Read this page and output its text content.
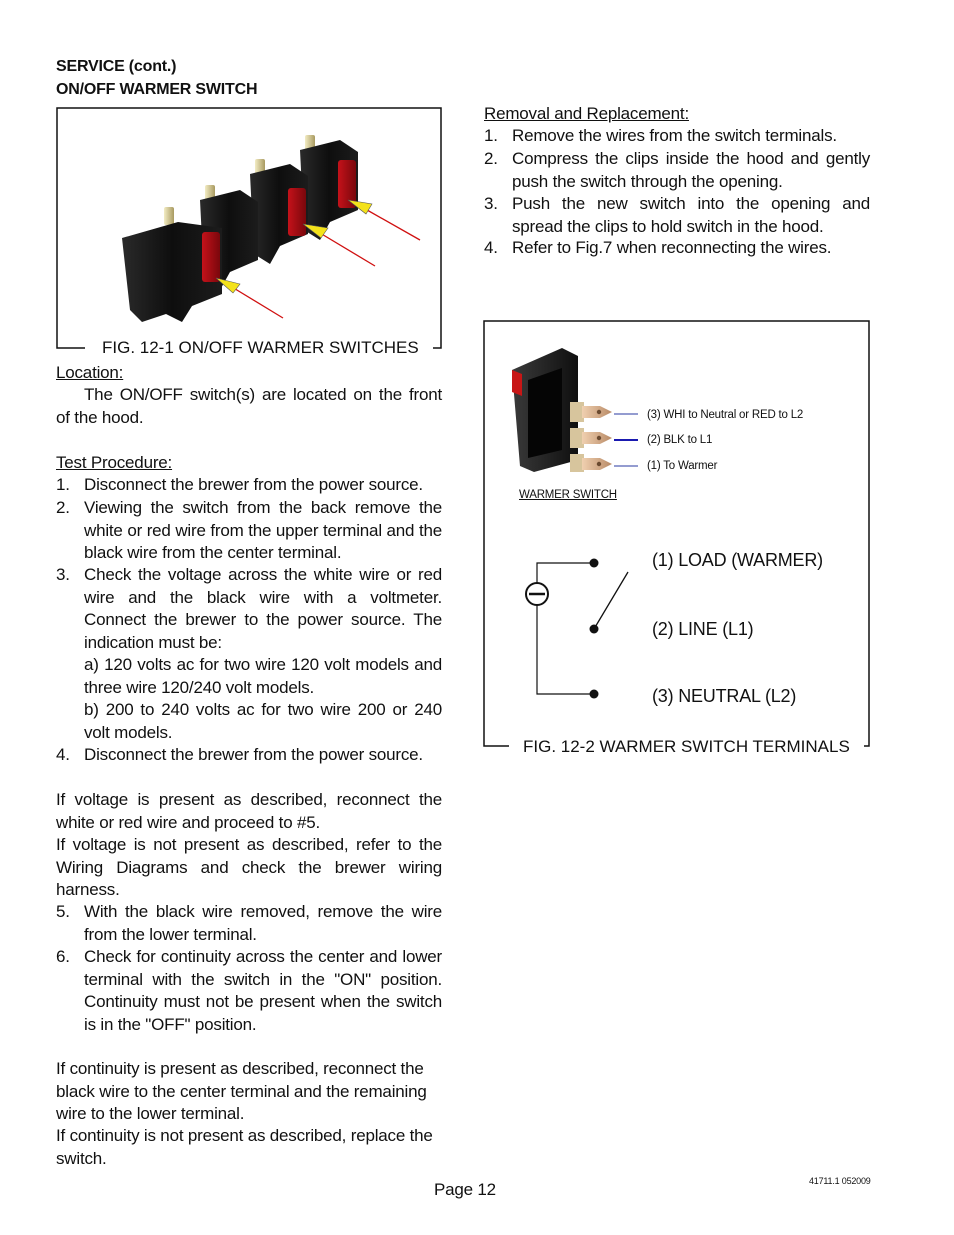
SERVICE (cont.)
ON/OFF WARMER SWITCH
FIG. 12-1 ON/OFF WARMER SWITCHES
Location:
The ON/OFF switch(s) are located on the front of the hood.
Test Procedure:
1. Disconnect the brewer from the power source.
2. Viewing the switch from the back remove the white or red wire from the upper terminal and the black wire from the center terminal.
3. Check the voltage across the white wire or red wire and the black wire with a voltmeter. Connect the brewer to the power source. The indication must be:
a) 120 volts ac for two wire 120 volt models and three wire 120/240 volt models.
b) 200 to 240 volts ac for two wire 200 or 240 volt models.
4. Disconnect the brewer from the power source.
If voltage is present as described, reconnect the white or red wire and proceed to #5.
If voltage is not present as described, refer to the Wiring Diagrams and check the brewer wiring harness.
5. With the black wire removed, remove the wire from the lower terminal.
6. Check for continuity across the center and lower terminal with the switch in the "ON" position. Continuity must not be present when the switch is in the "OFF" position.
If continuity is present as described, reconnect the black wire to the center terminal and the remaining wire to the lower terminal.
If continuity is not present as described, replace the switch.
Removal and Replacement:
1. Remove the wires from the switch terminals.
2. Compress the clips inside the hood and gently push the switch through the opening.
3. Push the new switch into the opening and spread the clips to hold switch in the hood.
4. Refer to Fig.7 when reconnecting the wires.
(3) WHI to Neutral or RED to L2
(2) BLK to L1
(1) To Warmer
WARMER SWITCH
(1) LOAD (WARMER)
(2) LINE (L1)
(3) NEUTRAL (L2)
FIG. 12-2 WARMER SWITCH TERMINALS
Page 12	41711.1 052009
